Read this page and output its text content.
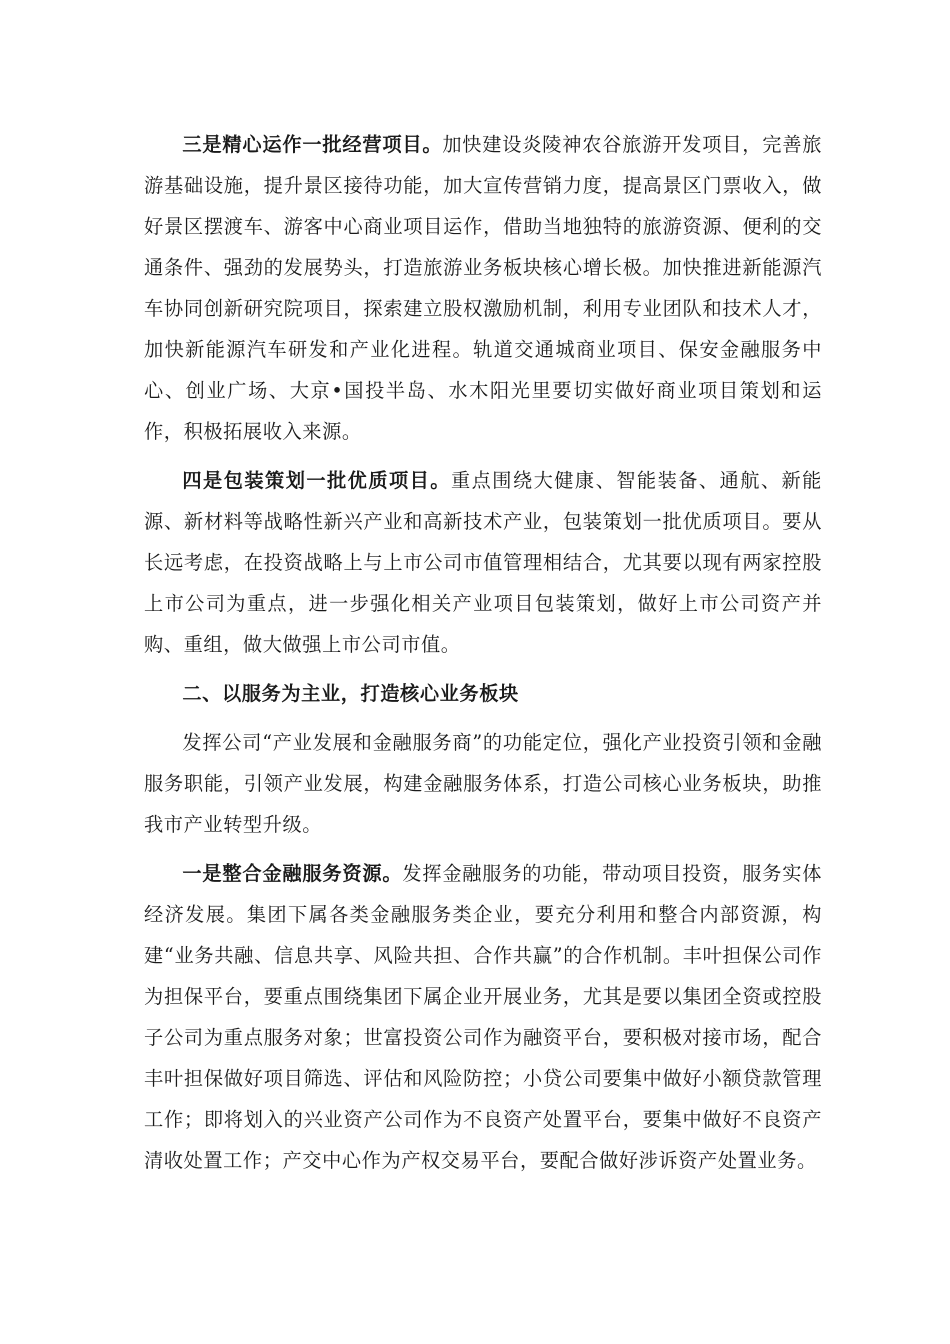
三是精心运作一批经营项目。加快建设炎陵神农谷旅游开发项目，完善旅游基础设施，提升景区接待功能，加大宣传营销力度，提高景区门票收入，做好景区摆渡车、游客中心商业项目运作，借助当地独特的旅游资源、便利的交通条件、强劲的发展势头，打造旅游业务板块核心增长极。加快推进新能源汽车协同创新研究院项目，探索建立股权激励机制，利用专业团队和技术人才，加快新能源汽车研发和产业化进程。轨道交通城商业项目、保安金融服务中心、创业广场、大京•国投半岛、水木阳光里要切实做好商业项目策划和运作，积极拓展收入来源。

四是包装策划一批优质项目。重点围绕大健康、智能装备、通航、新能源、新材料等战略性新兴产业和高新技术产业，包装策划一批优质项目。要从长远考虑，在投资战略上与上市公司市值管理相结合，尤其要以现有两家控股上市公司为重点，进一步强化相关产业项目包装策划，做好上市公司资产并购、重组，做大做强上市公司市值。

二、以服务为主业，打造核心业务板块

发挥公司“产业发展和金融服务商”的功能定位，强化产业投资引领和金融服务职能，引领产业发展，构建金融服务体系，打造公司核心业务板块，助推我市产业转型升级。

一是整合金融服务资源。发挥金融服务的功能，带动项目投资，服务实体经济发展。集团下属各类金融服务类企业，要充分利用和整合内部资源，构建“业务共融、信息共享、风险共担、合作共赢”的合作机制。丰叶担保公司作为担保平台，要重点围绕集团下属企业开展业务，尤其是要以集团全资或控股子公司为重点服务对象；世富投资公司作为融资平台，要积极对接市场，配合丰叶担保做好项目筛选、评估和风险防控；小贷公司要集中做好小额贷款管理工作；即将划入的兴业资产公司作为不良资产处置平台，要集中做好不良资产清收处置工作；产交中心作为产权交易平台，要配合做好涉诉资产处置业务。
